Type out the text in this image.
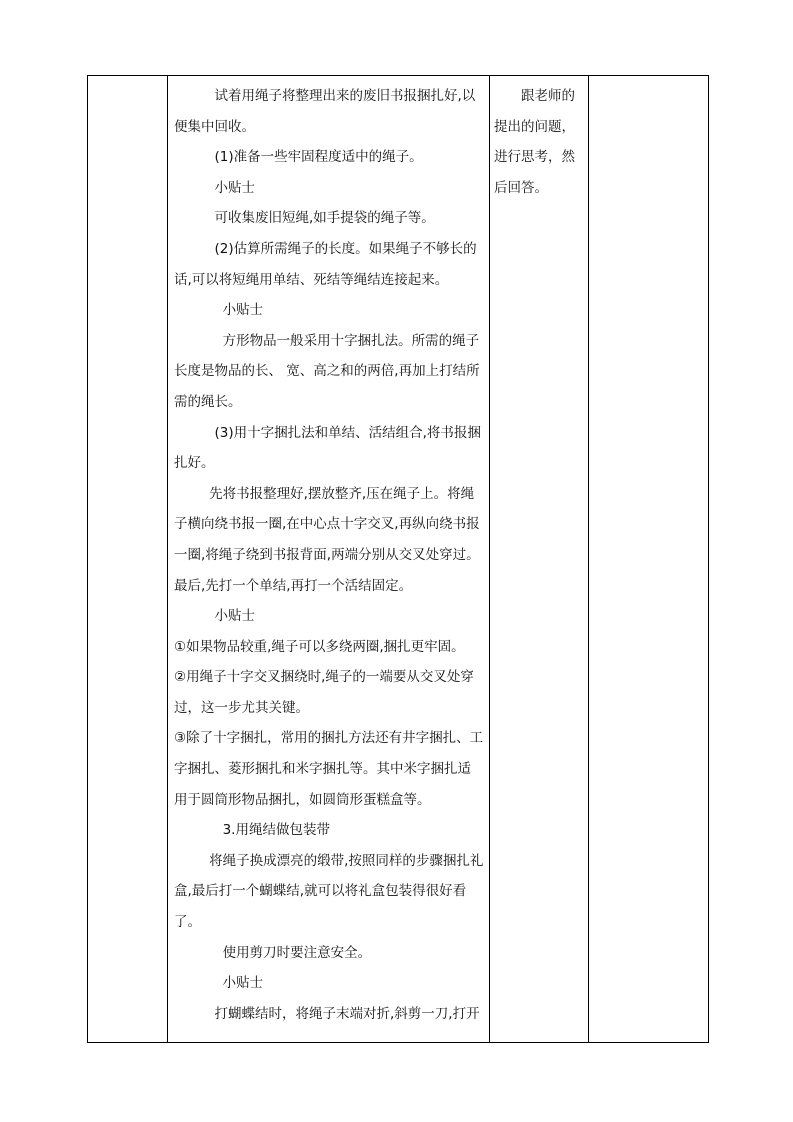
试着用绳子将整理出来的废旧书报捆扎好,以便集中回收。

(1)准备一些牢固程度适中的绳子。

小贴士

可收集废旧短绳,如手提袋的绳子等。

(2)估算所需绳子的长度。如果绳子不够长的话,可以将短绳用单结、死结等绳结连接起来。

小贴士

方形物品一般采用十字捆扎法。所需的绳子长度是物品的长、 宽、高之和的两倍,再加上打结所需的绳长。

(3)用十字捆扎法和单结、活结组合,将书报捆扎好。

先将书报整理好,摆放整齐,压在绳子上。将绳子横向绕书报一圈,在中心点十字交叉,再纵向绕书报一圈,将绳子绕到书报背面,两端分别从交叉处穿过。最后,先打一个单结,再打一个活结固定。

小贴士

①如果物品较重,绳子可以多绕两圈,捆扎更牢固。

②用绳子十字交叉捆绕时,绳子的一端要从交叉处穿过，这一步尤其关键。

③除了十字捆扎，常用的捆扎方法还有井字捆扎、工字捆扎、菱形捆扎和米字捆扎等。其中米字捆扎适用于圆筒形物品捆扎，如圆筒形蛋糕盒等。

3.用绳结做包装带

将绳子换成漂亮的缎带,按照同样的步骤捆扎礼盒,最后打一个蝴蝶结,就可以将礼盒包装得很好看了。

使用剪刀时要注意安全。

小贴士

打蝴蝶结时，将绳子末端对折,斜剪一刀,打开

跟老师的提出的问题，进行思考，然后回答。
